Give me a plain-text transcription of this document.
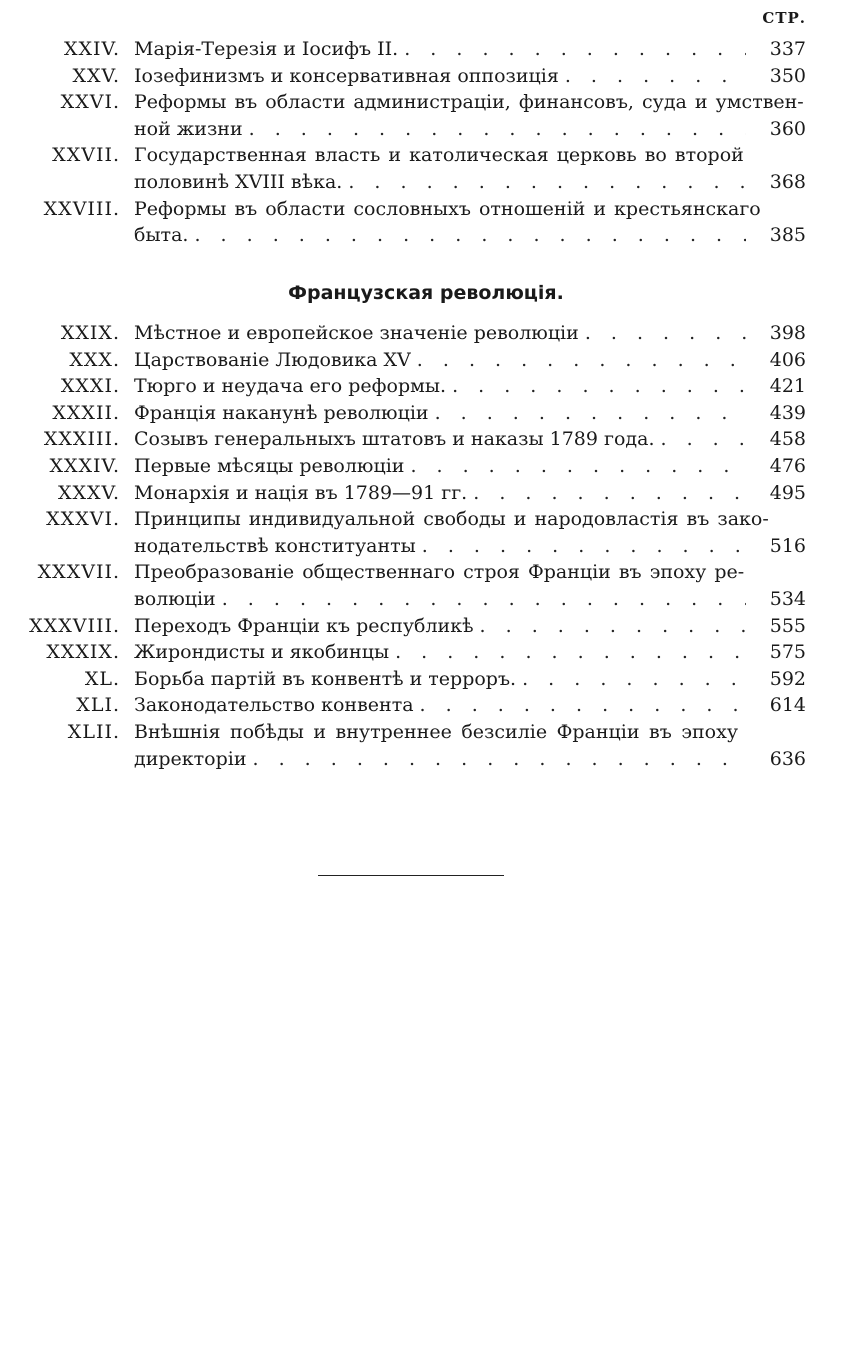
СТР.
XXIV. Марія-Терезія и Іосифъ II. . . .	337
XXV. Іозефинизмъ и консервативная оппозиція . . .	350
XXVI. Реформы въ области администраціи, финансовъ, суда и умствен-
ной жизни . . .	360
XXVII. Государственная власть и католическая церковь во второй
половинѣ XVIII вѣка. . . .	368
XXVIII. Реформы въ области сословныхъ отношеній и крестьянскаго
быта. . . .	385
Французская революція.
XXIX. Мѣстное и европейское значеніе революціи . . .	398
XXX. Царствованіе Людовика XV . . .	406
XXXI. Тюрго и неудача его реформы. . . .	421
XXXII. Франція наканунѣ революціи . . .	439
XXXIII. Созывъ генеральныхъ штатовъ и наказы 1789 года. . . .	458
XXXIV. Первые мѣсяцы революціи . . .	476
XXXV. Монархія и нація въ 1789—91 гг. . . .	495
XXXVI. Принципы индивидуальной свободы и народовластія въ зако-
нодательствѣ конституанты . . .	516
XXXVII. Преобразованіе общественнаго строя Франціи въ эпоху ре-
волюціи . . .	534
XXXVIII. Переходъ Франціи къ республикѣ . . .	555
XXXIX. Жирондисты и якобинцы . . .	575
XL. Борьба партій въ конвентѣ и терроръ. . . .	592
XLI. Законодательство конвента . . .	614
XLII. Внѣшнія побѣды и внутреннее безсиліе Франціи въ эпоху
директоріи . . .	636
